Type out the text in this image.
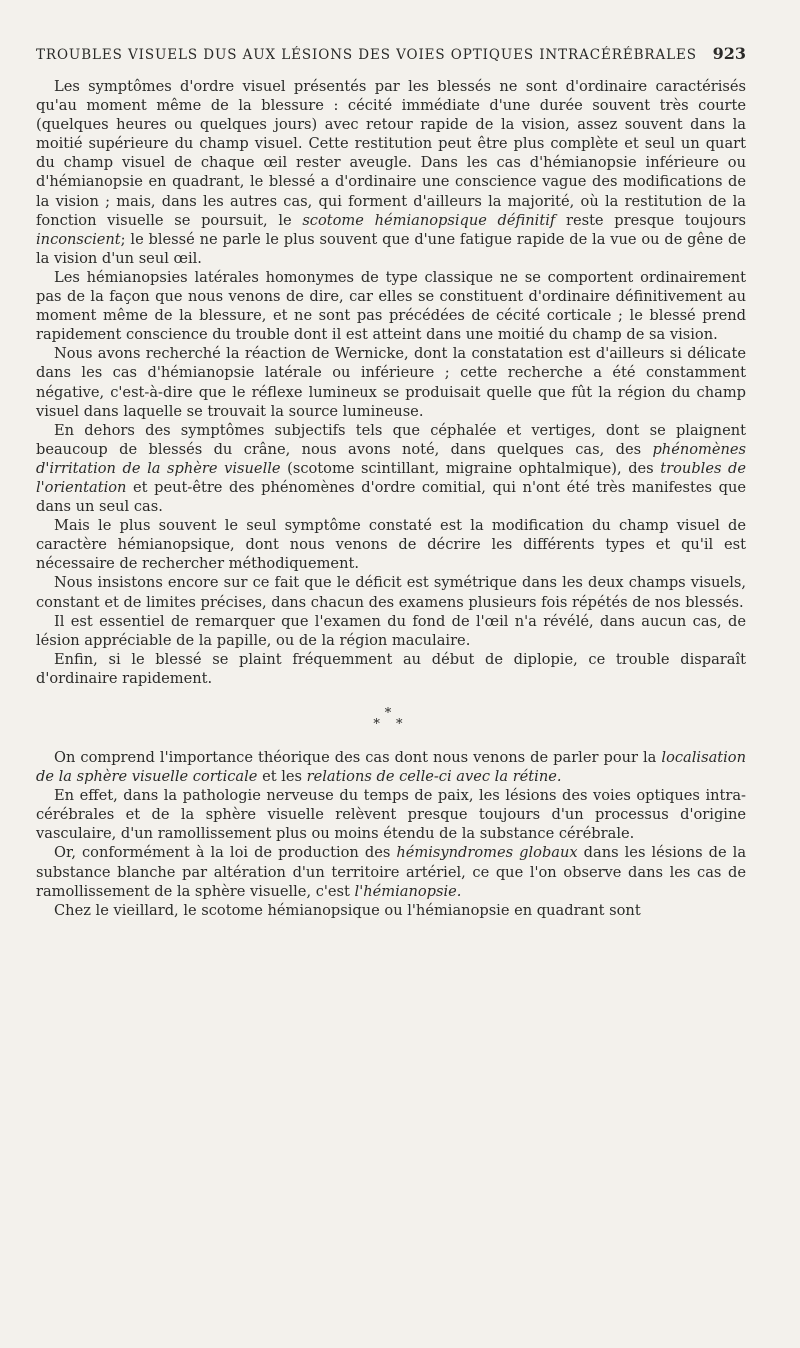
TROUBLES VISUELS DUS AUX LÉSIONS DES VOIES OPTIQUES INTRACÉRÉBRALES 923

Les symptômes d'ordre visuel présentés par les blessés ne sont d'ordinaire caractérisés qu'au moment même de la blessure : cécité immédiate d'une durée souvent très courte (quelques heures ou quelques jours) avec retour rapide de la vision, assez souvent dans la moitié supérieure du champ visuel. Cette restitution peut être plus complète et seul un quart du champ visuel de chaque œil rester aveugle. Dans les cas d'hémianopsie inférieure ou d'hémianopsie en quadrant, le blessé a d'ordinaire une conscience vague des modifications de la vision ; mais, dans les autres cas, qui forment d'ailleurs la majorité, où la restitution de la fonction visuelle se poursuit, le scotome hémianopsique définitif reste presque toujours inconscient; le blessé ne parle le plus souvent que d'une fatigue rapide de la vue ou de gêne de la vision d'un seul œil.

Les hémianopsies latérales homonymes de type classique ne se comportent ordinairement pas de la façon que nous venons de dire, car elles se constituent d'ordinaire définitivement au moment même de la blessure, et ne sont pas précédées de cécité corticale ; le blessé prend rapidement conscience du trouble dont il est atteint dans une moitié du champ de sa vision.

Nous avons recherché la réaction de Wernicke, dont la constatation est d'ailleurs si délicate dans les cas d'hémianopsie latérale ou inférieure ; cette recherche a été constamment négative, c'est-à-dire que le réflexe lumineux se produisait quelle que fût la région du champ visuel dans laquelle se trouvait la source lumineuse.

En dehors des symptômes subjectifs tels que céphalée et vertiges, dont se plaignent beaucoup de blessés du crâne, nous avons noté, dans quelques cas, des phénomènes d'irritation de la sphère visuelle (scotome scintillant, migraine ophtalmique), des troubles de l'orientation et peut-être des phénomènes d'ordre comitial, qui n'ont été très manifestes que dans un seul cas.

Mais le plus souvent le seul symptôme constaté est la modification du champ visuel de caractère hémianopsique, dont nous venons de décrire les différents types et qu'il est nécessaire de rechercher méthodiquement.

Nous insistons encore sur ce fait que le déficit est symétrique dans les deux champs visuels, constant et de limites précises, dans chacun des examens plusieurs fois répétés de nos blessés.

Il est essentiel de remarquer que l'examen du fond de l'œil n'a révélé, dans aucun cas, de lésion appréciable de la papille, ou de la région maculaire.

Enfin, si le blessé se plaint fréquemment au début de diplopie, ce trouble disparaît d'ordinaire rapidement.

*
* *

On comprend l'importance théorique des cas dont nous venons de parler pour la localisation de la sphère visuelle corticale et les relations de celle-ci avec la rétine.

En effet, dans la pathologie nerveuse du temps de paix, les lésions des voies optiques intra-cérébrales et de la sphère visuelle relèvent presque toujours d'un processus d'origine vasculaire, d'un ramollissement plus ou moins étendu de la substance cérébrale.

Or, conformément à la loi de production des hémisyndromes globaux dans les lésions de la substance blanche par altération d'un territoire artériel, ce que l'on observe dans les cas de ramollissement de la sphère visuelle, c'est l'hémianopsie.

Chez le vieillard, le scotome hémianopsique ou l'hémianopsie en quadrant sont
